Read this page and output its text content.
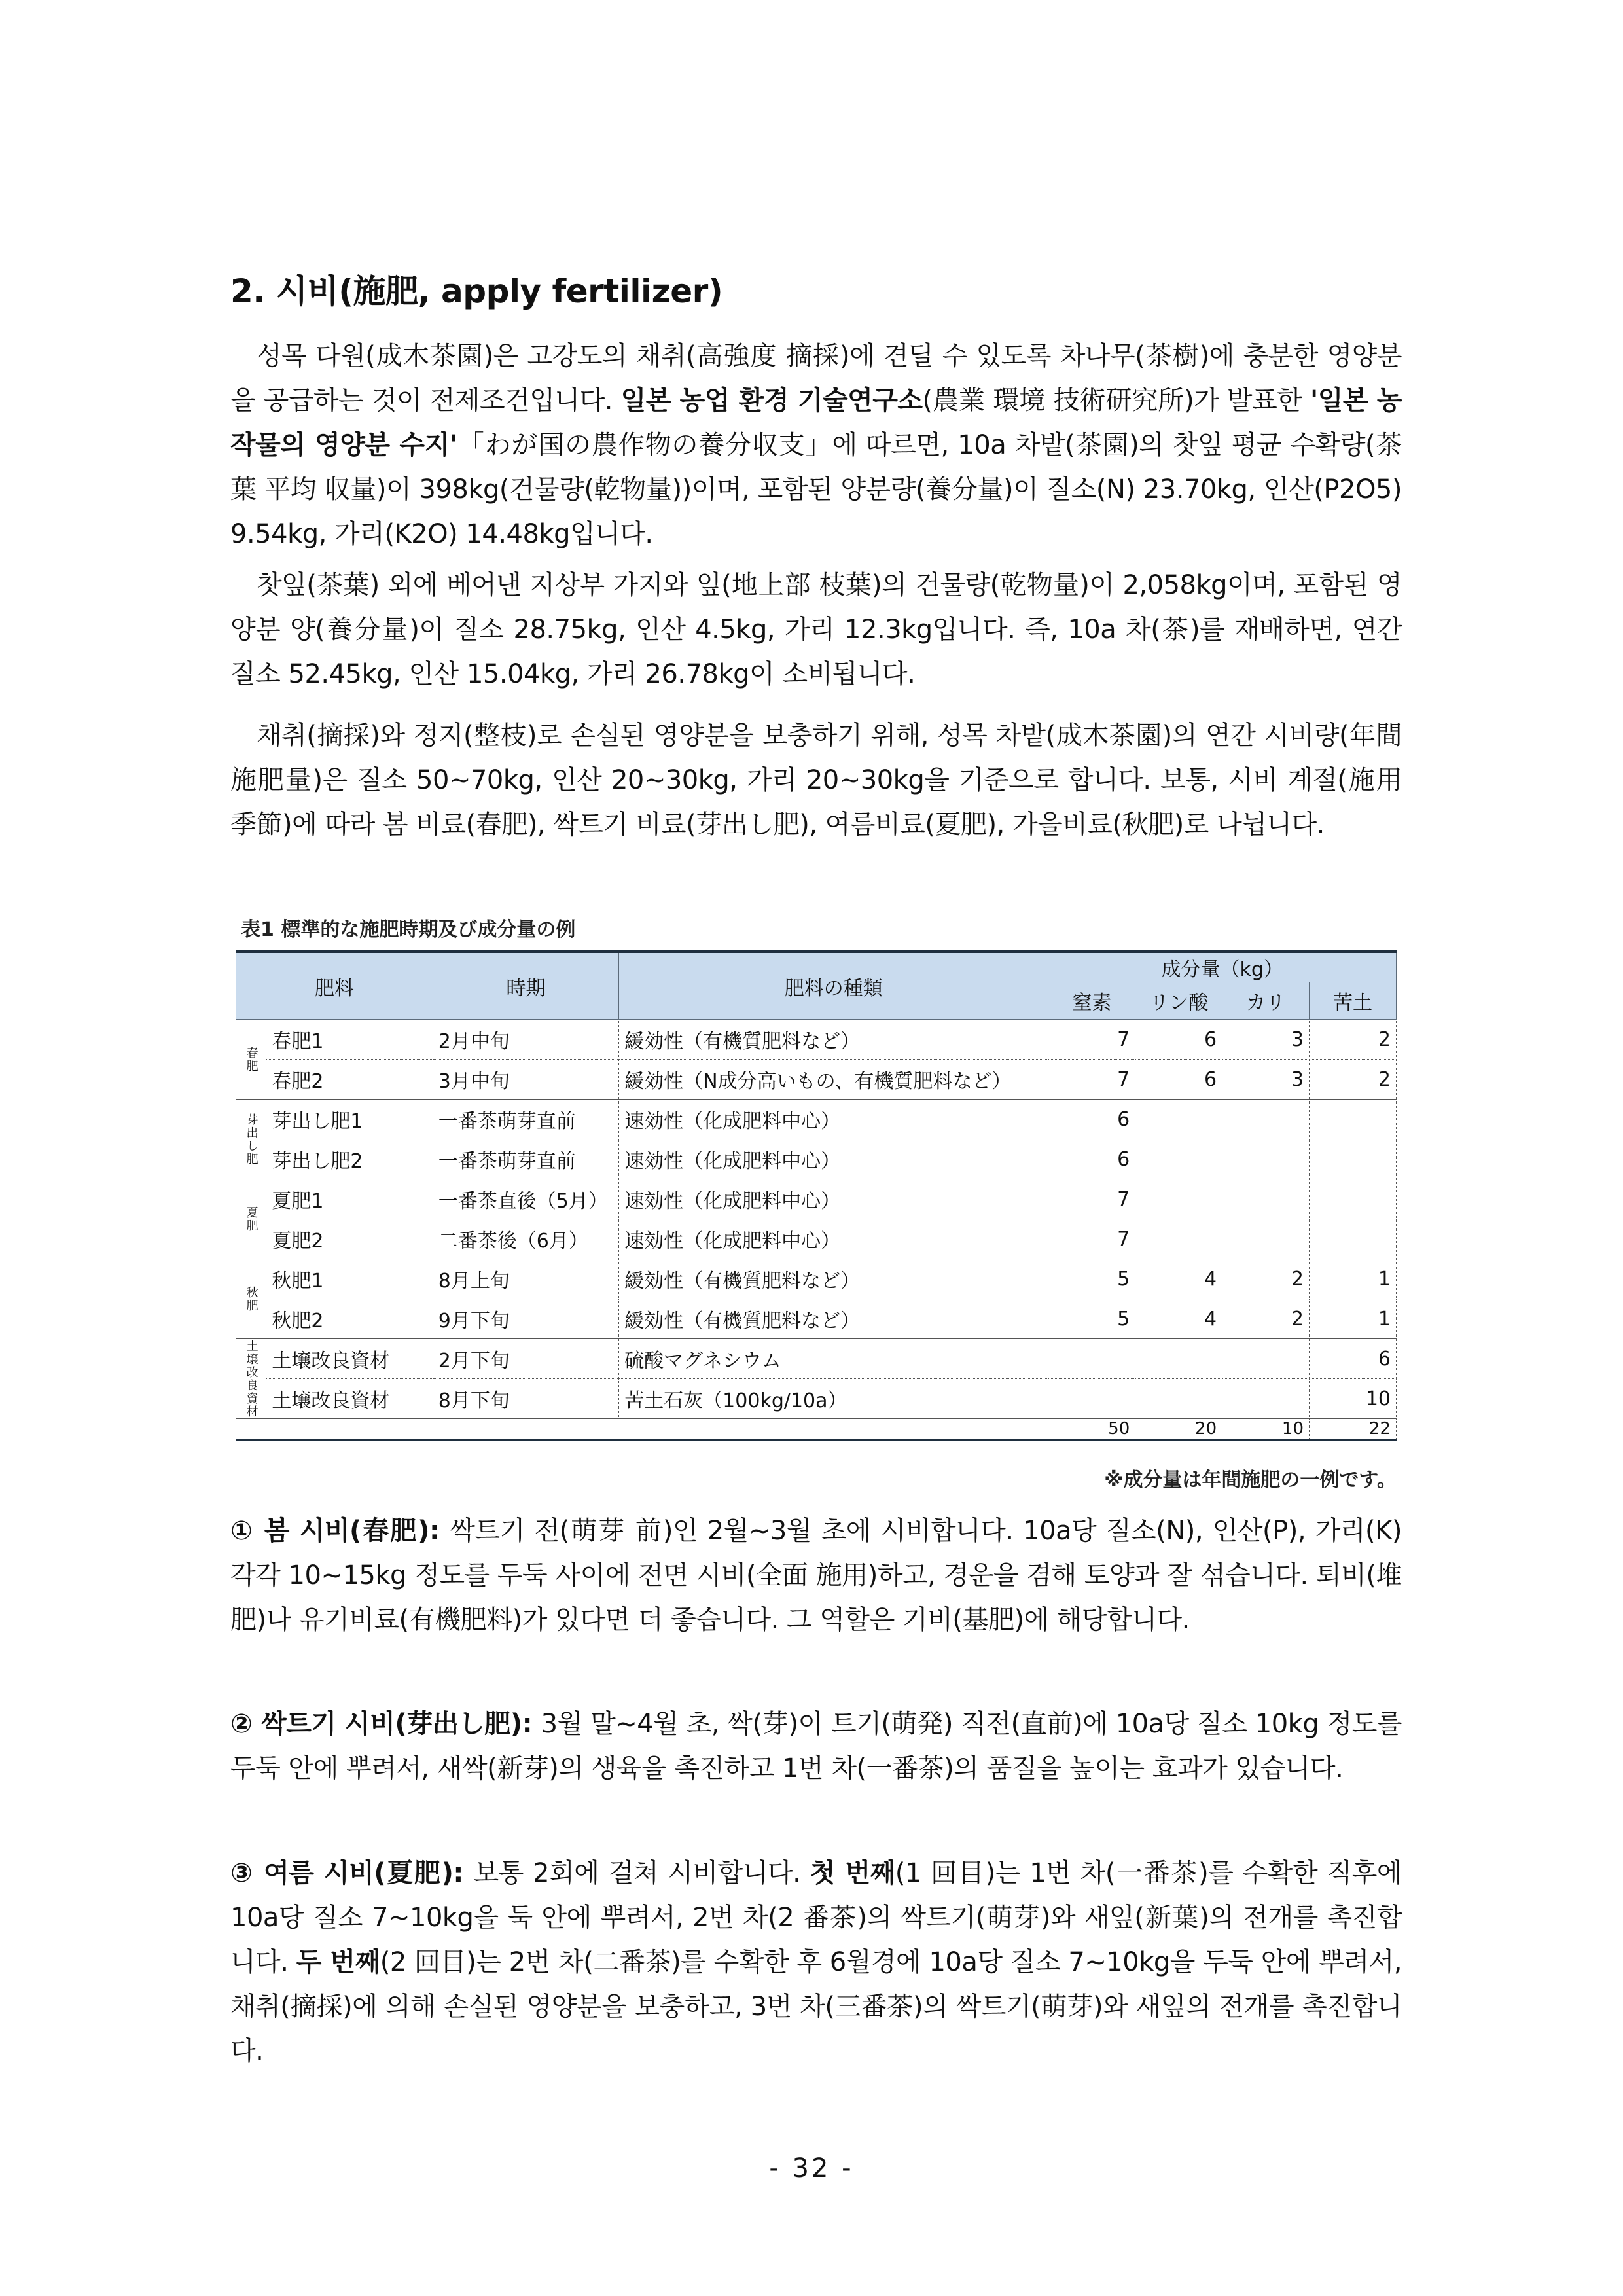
2. 시비(施肥, apply fertilizer)

성목 다원(成木茶園)은 고강도의 채취(高強度 摘採)에 견딜 수 있도록 차나무(茶樹)에 충분한 영양분을 공급하는 것이 전제조건입니다. 일본 농업 환경 기술연구소(農業 環境 技術研究所)가 발표한 '일본 농작물의 영양분 수지'「わが国の農作物の養分収支」에 따르면, 10a 차밭(茶園)의 찻잎 평균 수확량(茶葉 平均 収量)이 398kg(건물량(乾物量))이며, 포함된 양분량(養分量)이 질소(N) 23.70kg, 인산(P2O5) 9.54kg, 가리(K2O) 14.48kg입니다.

찻잎(茶葉) 외에 베어낸 지상부 가지와 잎(地上部 枝葉)의 건물량(乾物量)이 2,058kg이며, 포함된 영양분 양(養分量)이 질소 28.75kg, 인산 4.5kg, 가리 12.3kg입니다. 즉, 10a 차(茶)를 재배하면, 연간 질소 52.45kg, 인산 15.04kg, 가리 26.78kg이 소비됩니다.

채취(摘採)와 정지(整枝)로 손실된 영양분을 보충하기 위해, 성목 차밭(成木茶園)의 연간 시비량(年間施肥量)은 질소 50~70kg, 인산 20~30kg, 가리 20~30kg을 기준으로 합니다. 보통, 시비 계절(施用 季節)에 따라 봄 비료(春肥), 싹트기 비료(芽出し肥), 여름비료(夏肥), 가을비료(秋肥)로 나뉩니다.

表1 標準的な施肥時期及び成分量の例
肥料		時期	肥料の種類	成分量（kg）			
				窒素	リン酸	カリ	苦土
春肥	春肥1	2月中旬	緩効性（有機質肥料など）	7	6	3	2
	春肥2	3月中旬	緩効性（N成分高いもの、有機質肥料など）	7	6	3	2
芽出し肥	芽出し肥1	一番茶萌芽直前	速効性（化成肥料中心）	6			
	芽出し肥2	一番茶萌芽直前	速効性（化成肥料中心）	6			
夏肥	夏肥1	一番茶直後（5月）	速効性（化成肥料中心）	7			
	夏肥2	二番茶後（6月）	速効性（化成肥料中心）	7			
秋肥	秋肥1	8月上旬	緩効性（有機質肥料など）	5	4	2	1
	秋肥2	9月下旬	緩効性（有機質肥料など）	5	4	2	1
土壌改良資材	土壌改良資材	2月下旬	硫酸マグネシウム				6
	土壌改良資材	8月下旬	苦土石灰（100kg/10a）				10
				50	20	10	22
※成分量は年間施肥の一例です。

① 봄 시비(春肥): 싹트기 전(萌芽 前)인 2월~3월 초에 시비합니다. 10a당 질소(N), 인산(P), 가리(K) 각각 10~15kg 정도를 두둑 사이에 전면 시비(全面 施用)하고, 경운을 겸해 토양과 잘 섞습니다. 퇴비(堆肥)나 유기비료(有機肥料)가 있다면 더 좋습니다. 그 역할은 기비(基肥)에 해당합니다.

② 싹트기 시비(芽出し肥): 3월 말~4월 초, 싹(芽)이 트기(萌発) 직전(直前)에 10a당 질소 10kg 정도를 두둑 안에 뿌려서, 새싹(新芽)의 생육을 촉진하고 1번 차(一番茶)의 품질을 높이는 효과가 있습니다.

③ 여름 시비(夏肥): 보통 2회에 걸쳐 시비합니다. 첫 번째(1 回目)는 1번 차(一番茶)를 수확한 직후에 10a당 질소 7~10kg을 둑 안에 뿌려서, 2번 차(2 番茶)의 싹트기(萌芽)와 새잎(新葉)의 전개를 촉진합니다. 두 번째(2 回目)는 2번 차(二番茶)를 수확한 후 6월경에 10a당 질소 7~10kg을 두둑 안에 뿌려서, 채취(摘採)에 의해 손실된 영양분을 보충하고, 3번 차(三番茶)의 싹트기(萌芽)와 새잎의 전개를 촉진합니다.

- 32 -
